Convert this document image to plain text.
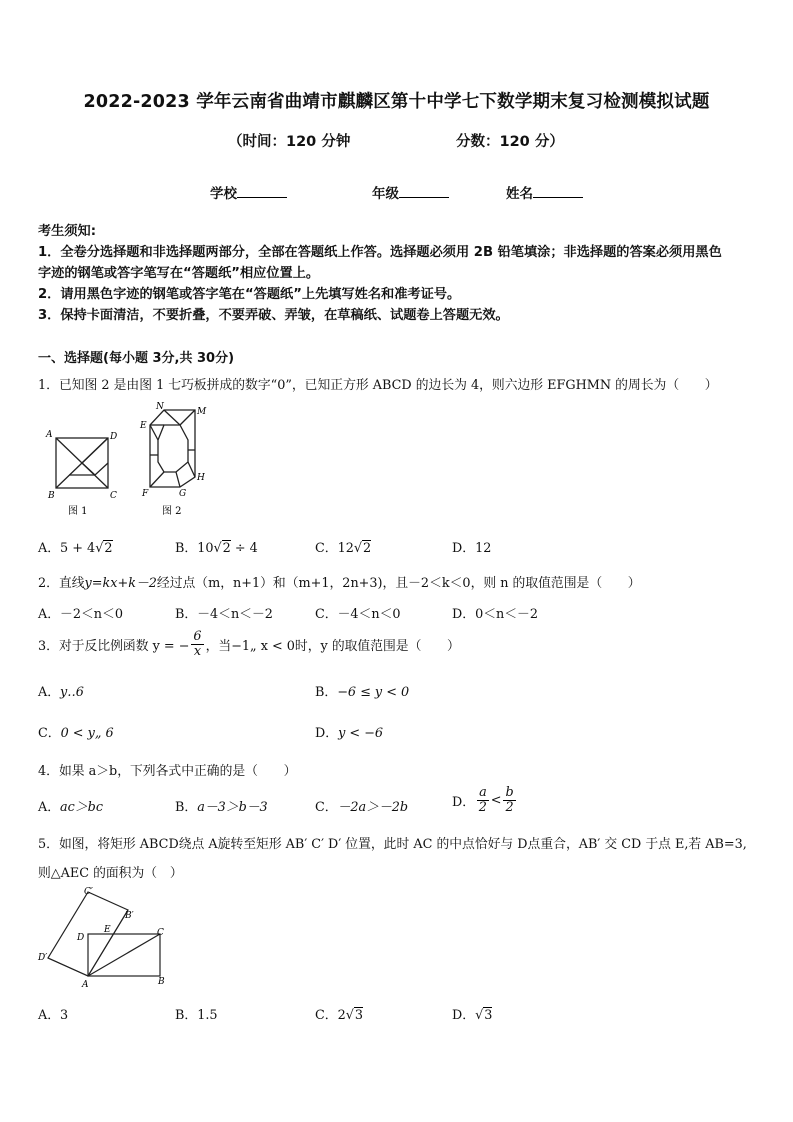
2022-2023 学年云南省曲靖市麒麟区第十中学七下数学期末复习检测模拟试题
（时间：120 分钟	分数：120 分）
学校	年级	姓名
考生须知:
1．全卷分选择题和非选择题两部分，全部在答题纸上作答。选择题必须用 2B 铅笔填涂；非选择题的答案必须用黑色
字迹的钢笔或答字笔写在“答题纸”相应位置上。
2．请用黑色字迹的钢笔或答字笔在“答题纸”上先填写姓名和准考证号。
3．保持卡面清洁，不要折叠，不要弄破、弄皱，在草稿纸、试题卷上答题无效。
一、选择题(每小题 3分,共 30分)
1．已知图 2 是由图 1 七巧板拼成的数字“0”，已知正方形 ABCD 的边长为 4，则六边形 EFGHMN 的周长为（　　）
A	D
B	C
图 1
N	M
E
H
F	G
图 2
A．5 + 4√2	B．10√2 ÷ 4	C．12√2	D．12
2．直线y=kx+k－2经过点（m，n+1）和（m+1，2n+3)，且－2＜k＜0，则 n 的取值范围是（　　）
A．－2＜n＜0	B．－4＜n＜－2	C．－4＜n＜0	D．0＜n＜－2
3．对于反比例函数 y = − $\frac{6}{x}$ ，当−1„ x < 0时，y 的取值范围是（　　）
A．y‥6	B．−6 ≤ y < 0
C．0 < y„ 6	D．y < −6
4．如果 a＞b，下列各式中正确的是（　　）
A．ac＞bc	B．a－3＞b－3	C．－2a＞－2b	D． $\frac{a}{2} < \frac{b}{2}$
5．如图，将矩形 ABCD绕点 A旋转至矩形 AB′ C′ D′ 位置，此时 AC 的中点恰好与 D点重合，AB′ 交 CD 于点 E,若 AB=3,
则△AEC 的面积为（　）
C′
B′
D
E	C
D′
A	B
A．3	B．1.5	C．2√3	D．√3
